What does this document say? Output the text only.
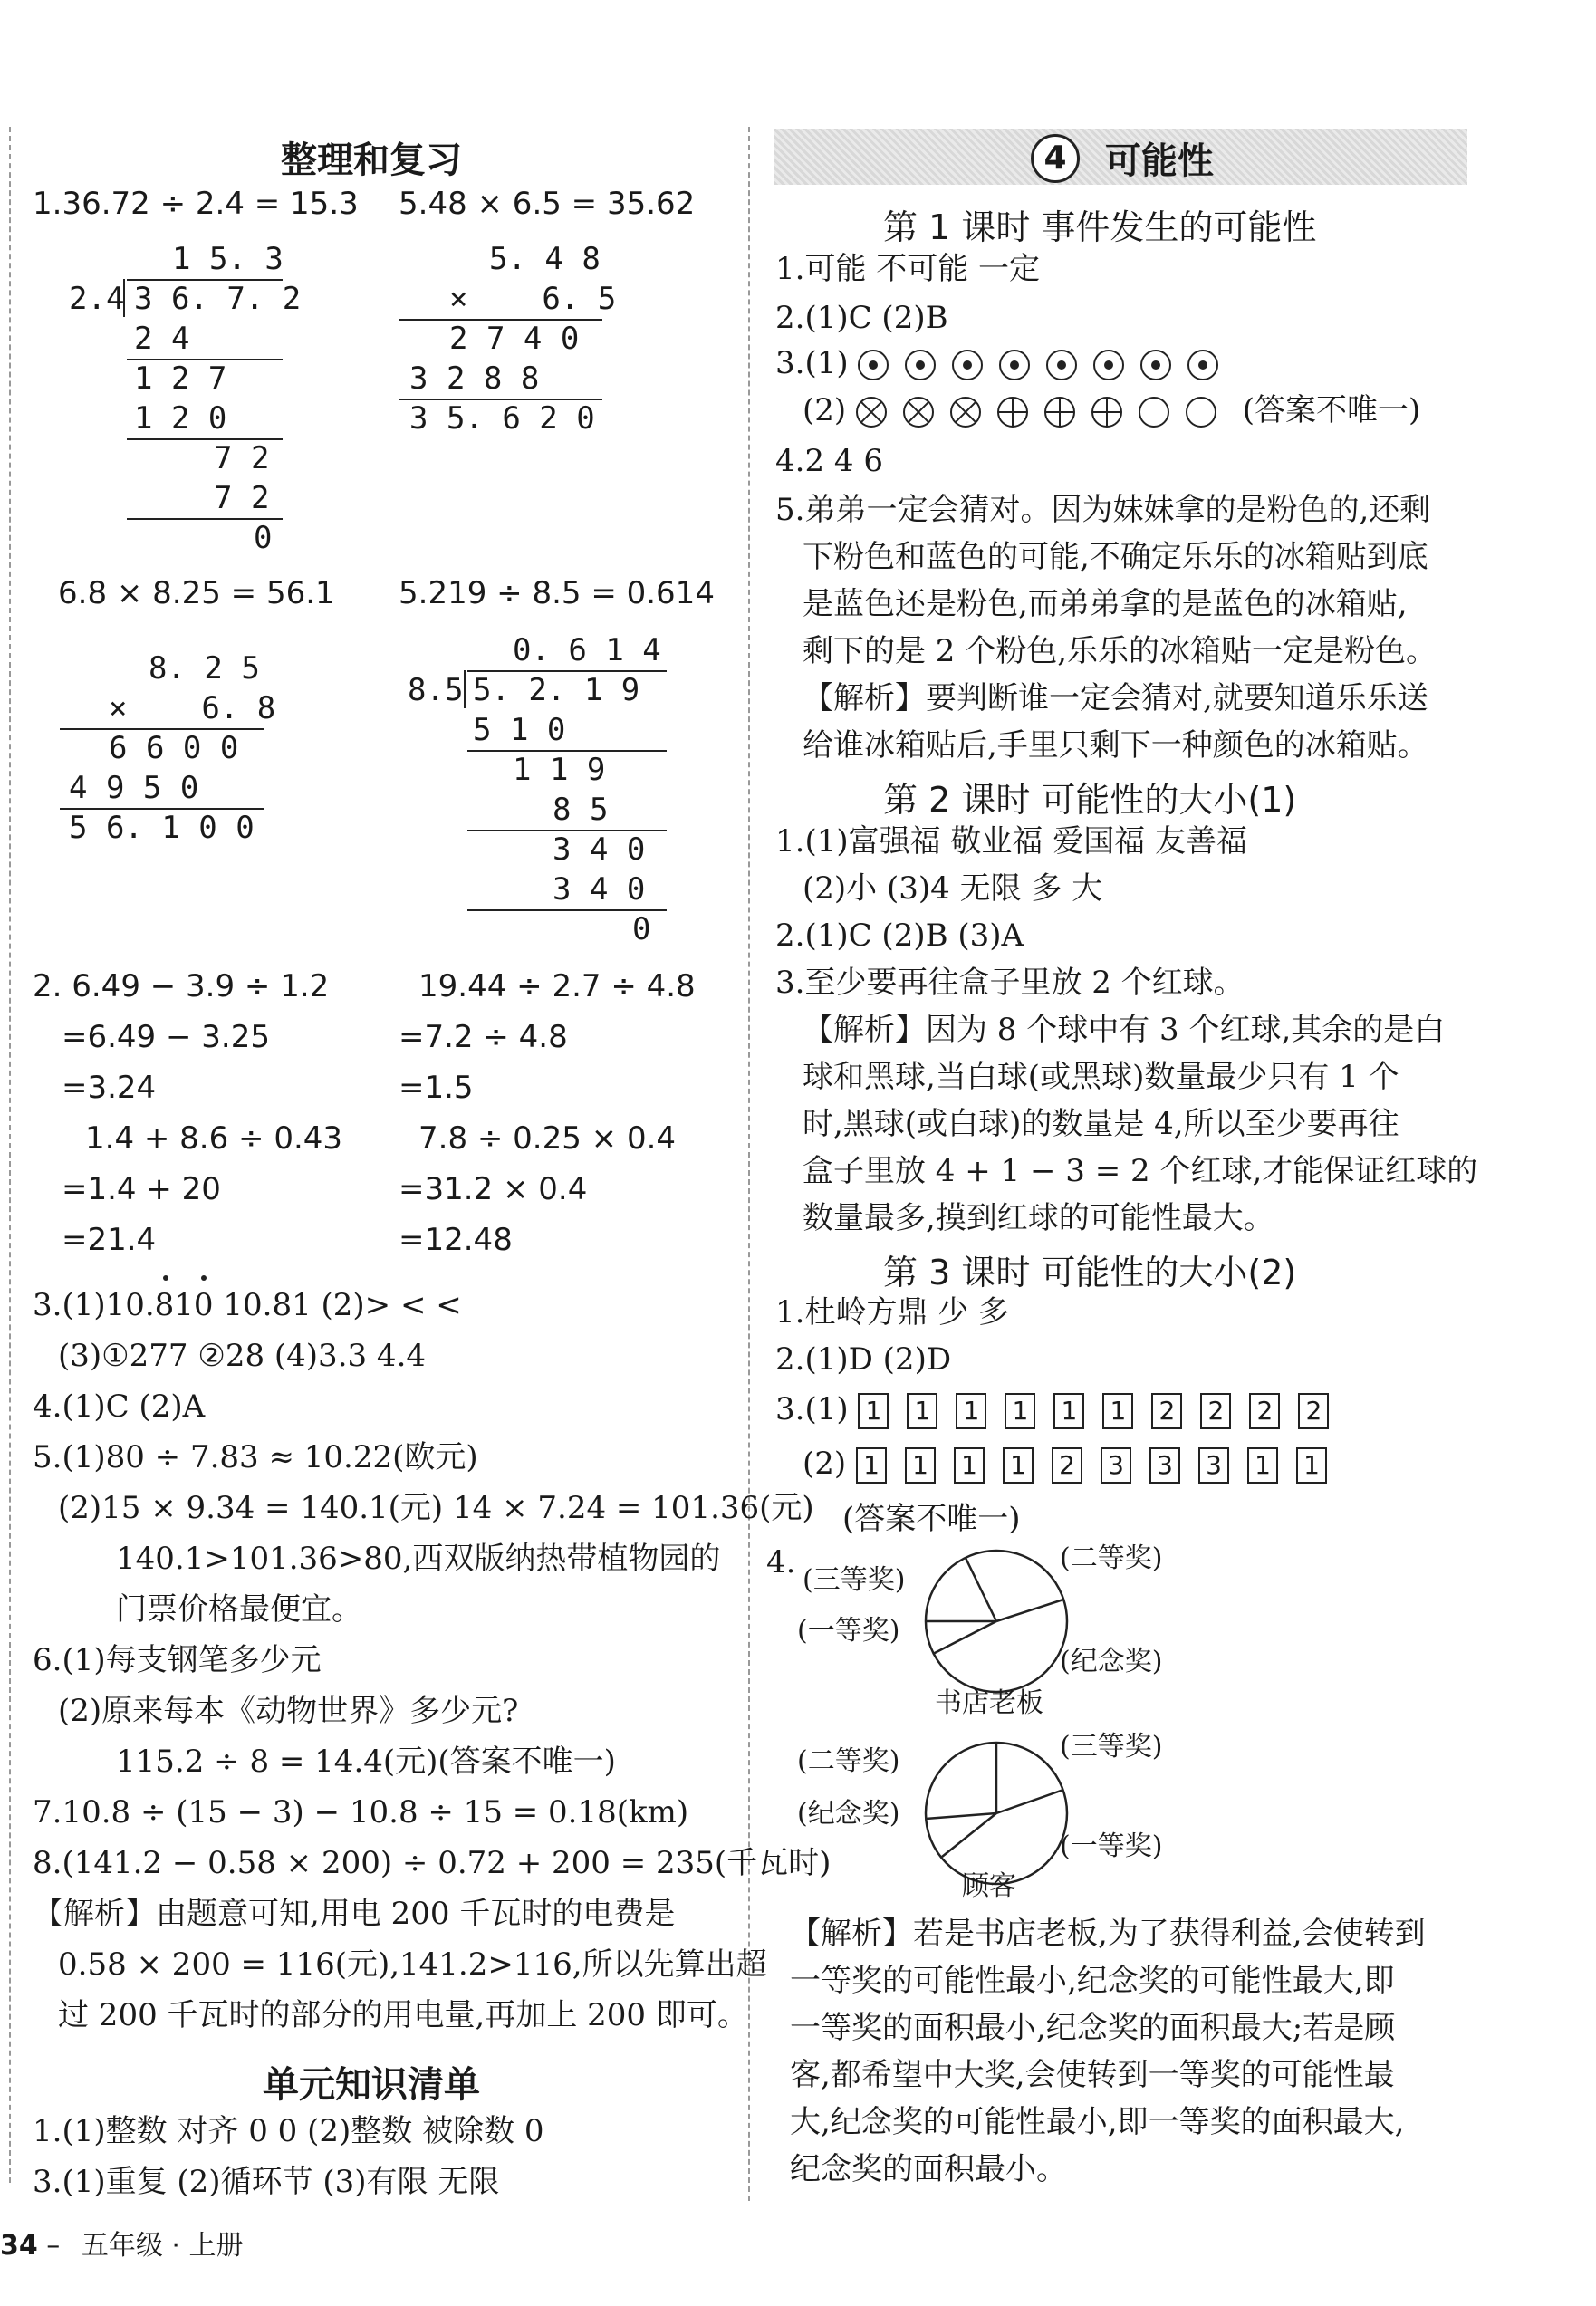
整理和复习
1.36.72 ÷ 2.4 = 15.3 5.48 × 6.5 = 35.62
1 5. 3
2.4 3 6. 7. 2
2 4
1 2 7
1 2 0
7 2
7 2
0
5. 4 8
×    6. 5
2 7 4 0
3 2 8 8
3 5. 6 2 0
6.8 × 8.25 = 56.1 5.219 ÷ 8.5 = 0.614
8. 2 5
×    6. 8
6 6 0 0
4 9 5 0
5 6. 1 0 0
0. 6 1 4
8.5 5. 2. 1 9
5 1 0
1 1 9
8 5
3 4 0
3 4 0
0
2. 6.49 − 3.9 ÷ 1.2
=6.49 − 3.25
=3.24
19.44 ÷ 2.7 ÷ 4.8
=7.2 ÷ 4.8
=1.5
1.4 + 8.6 ÷ 0.43
=1.4 + 20
=21.4
7.8 ÷ 0.25 × 0.4
=31.2 × 0.4
=12.48
3.(1)10.810 10.81 (2)> < <
(3)①277 ②28 (4)3.3 4.4
4.(1)C (2)A
5.(1)80 ÷ 7.83 ≈ 10.22(欧元)
(2)15 × 9.34 = 140.1(元) 14 × 7.24 = 101.36(元)
140.1>101.36>80,西双版纳热带植物园的
门票价格最便宜。
6.(1)每支钢笔多少元
(2)原来每本《动物世界》多少元?
115.2 ÷ 8 = 14.4(元)(答案不唯一)
7.10.8 ÷ (15 − 3) − 10.8 ÷ 15 = 0.18(km)
8.(141.2 − 0.58 × 200) ÷ 0.72 + 200 = 235(千瓦时)
【解析】由题意可知,用电 200 千瓦时的电费是
0.58 × 200 = 116(元),141.2>116,所以先算出超
过 200 千瓦时的部分的用电量,再加上 200 即可。
单元知识清单
1.(1)整数 对齐 0 0 (2)整数 被除数 0
3.(1)重复 (2)循环节 (3)有限 无限
34 – 五年级 · 上册
4 可能性
第 1 课时 事件发生的可能性
1.可能 不可能 一定
2.(1)C (2)B
3.(1)
(2)	(答案不唯一)
4.2 4 6
5.弟弟一定会猜对。因为妹妹拿的是粉色的,还剩
下粉色和蓝色的可能,不确定乐乐的冰箱贴到底
是蓝色还是粉色,而弟弟拿的是蓝色的冰箱贴,
剩下的是 2 个粉色,乐乐的冰箱贴一定是粉色。
【解析】要判断谁一定会猜对,就要知道乐乐送
给谁冰箱贴后,手里只剩下一种颜色的冰箱贴。
第 2 课时 可能性的大小(1)
1.(1)富强福 敬业福 爱国福 友善福
(2)小 (3)4 无限 多 大
2.(1)C (2)B (3)A
3.至少要再往盒子里放 2 个红球。
【解析】因为 8 个球中有 3 个红球,其余的是白
球和黑球,当白球(或黑球)数量最少只有 1 个
时,黑球(或白球)的数量是 4,所以至少要再往
盒子里放 4 + 1 − 3 = 2 个红球,才能保证红球的
数量最多,摸到红球的可能性最大。
第 3 课时 可能性的大小(2)
1.杜岭方鼎 少 多
2.(1)D (2)D
3.(1) 1 1 1 1 1 1 2 2 2 2
(2) 1 1 1 1 2 3 3 3 1 1
(答案不唯一)
4. (三等奖)
(一等奖)
(二等奖)
(纪念奖)
书店老板
(二等奖)
(纪念奖)
(三等奖)
(一等奖)
顾客
【解析】若是书店老板,为了获得利益,会使转到
一等奖的可能性最小,纪念奖的可能性最大,即
一等奖的面积最小,纪念奖的面积最大;若是顾
客,都希望中大奖,会使转到一等奖的可能性最
大,纪念奖的可能性最小,即一等奖的面积最大,
纪念奖的面积最小。
